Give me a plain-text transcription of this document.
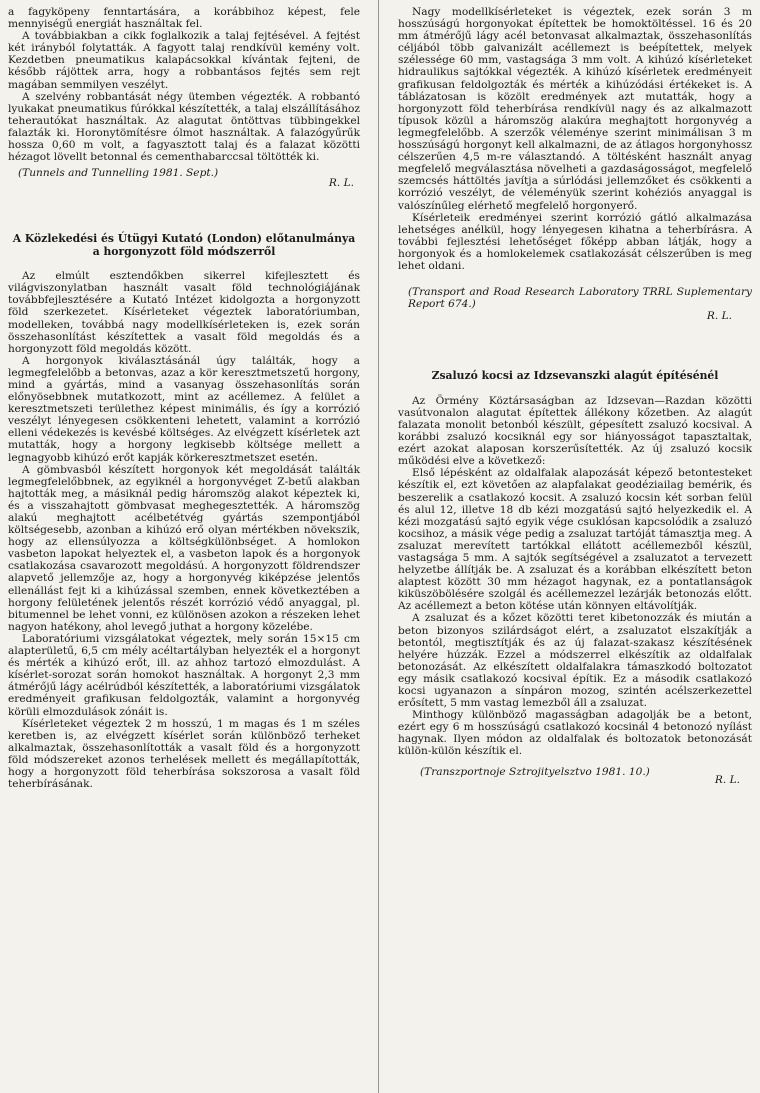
a fagyköpeny fenntartására, a korábbihoz képest, fele mennyiségű energiát használtak fel.

A továbbiakban a cikk foglalkozik a talaj fejtésével. A fejtést két irányból folytatták. A fagyott talaj rendkívül kemény volt. Kezdetben pneumatikus kalapácsokkal kívántak fejteni, de később rájöttek arra, hogy a robbantásos fejtés sem rejt magában semmilyen veszélyt.

A szelvény robbantását négy ütemben végezték. A robbantó lyukakat pneumatikus fúrókkal készítették, a talaj elszállításához teherautókat használtak. Az alagutat öntöttvas tübbingekkel falazták ki. Horonytömítésre ólmot használtak. A falazógyűrűk hossza 0,60 m volt, a fagyasztott talaj és a falazat közötti hézagot lövellt betonnal és cementhabarccsal töltötték ki.

(Tunnels and Tunnelling 1981. Sept.)
R. L.
A Közlekedési és Útügyi Kutató (London) előtanulmánya a horgonyzott föld módszerről

Az elmúlt esztendőkben sikerrel kifejlesztett és világviszonylatban használt vasalt föld technológiájának továbbfejlesztésére a Kutató Intézet kidolgozta a horgonyzott föld szerkezetet. Kísérleteket végeztek laboratóriumban, modelleken, továbbá nagy modellkísérleteken is, ezek során összehasonlítást készítettek a vasalt föld megoldás és a horgonyzott föld megoldás között.

A horgonyok kiválasztásánál úgy találták, hogy a legmegfelelőbb a betonvas, azaz a kör keresztmetszetű horgony, mind a gyártás, mind a vasanyag összehasonlítás során előnyösebbnek mutatkozott, mint az acéllemez. A felület a keresztmetszeti területhez képest minimális, és így a korrózió veszélyt lényegesen csökkenteni lehetett, valamint a korrózió elleni védekezés is kevésbé költséges. Az elvégzett kísérletek azt mutatták, hogy a horgony legkisebb költsége mellett a legnagyobb kihúzó erőt kapják körkeresztmetszet esetén.

A gömbvasból készített horgonyok két megoldását találták legmegfelelőbbnek, az egyiknél a horgonyvéget Z-betű alakban hajtották meg, a másiknál pedig háromszög alakot képeztek ki, és a visszahajtott gömbvasat meghegesztették. A háromszög alakú meghajtott acélbetétvég gyártás szempontjából költségesebb, azonban a kihúzó erő olyan mértékben növekszik, hogy az ellensúlyozza a költségkülönbséget. A homlokon vasbeton lapokat helyeztek el, a vasbeton lapok és a horgonyok csatlakozása csavarozott megoldású. A horgonyzott földrendszer alapvető jellemzője az, hogy a horgonyvég kiképzése jelentős ellenállást fejt ki a kihúzással szemben, ennek következtében a horgony felületének jelentős részét korrózió védő anyaggal, pl. bitumennel be lehet vonni, ez különösen azokon a részeken lehet nagyon hatékony, ahol levegő juthat a horgony közelébe.

Laboratóriumi vizsgálatokat végeztek, mely során 15×15 cm alapterületű, 6,5 cm mély acéltartályban helyezték el a horgonyt és mérték a kihúzó erőt, ill. az ahhoz tartozó elmozdulást. A kísérlet-sorozat során homokot használtak. A horgonyt 2,3 mm átmérőjű lágy acélrúdból készítették, a laboratóriumi vizsgálatok eredményeit grafikusan feldolgozták, valamint a horgonyvég körüli elmozdulások zónáit is.

Kísérleteket végeztek 2 m hosszú, 1 m magas és 1 m széles keretben is, az elvégzett kísérlet során különböző terheket alkalmaztak, összehasonlították a vasalt föld és a horgonyzott föld módszereket azonos terhelések mellett és megállapították, hogy a horgonyzott föld teherbírása sokszorosa a vasalt föld teherbírásának.

Nagy modellkísérleteket is végeztek, ezek során 3 m hosszúságú horgonyokat építettek be homoktöltéssel. 16 és 20 mm átmérőjű lágy acél betonvasat alkalmaztak, összehasonlítás céljából több galvanizált acéllemezt is beépítettek, melyek szélessége 60 mm, vastagsága 3 mm volt. A kihúzó kísérleteket hidraulikus sajtókkal végezték. A kihúzó kísérletek eredményeit grafikusan feldolgozták és mérték a kihúzódási értékeket is. A táblázatosan is közölt eredmények azt mutatták, hogy a horgonyzott föld teherbírása rendkívül nagy és az alkalmazott típusok közül a háromszög alakúra meghajtott horgonyvég a legmegfelelőbb. A szerzők véleménye szerint minimálisan 3 m hosszúságú horgonyt kell alkalmazni, de az átlagos horgonyhossz célszerűen 4,5 m-re választandó. A töltésként használt anyag megfelelő megválasztása növelheti a gazdaságosságot, megfelelő szemcsés háttöltés javítja a súrlódási jellemzőket és csökkenti a korrózió veszélyt, de véleményük szerint kohéziós anyaggal is valószínűleg elérhető megfelelő horgonyerő.

Kísérleteik eredményei szerint korrózió gátló alkalmazása lehetséges anélkül, hogy lényegesen kihatna a teherbírásra. A további fejlesztési lehetőséget főképp abban látják, hogy a horgonyok és a homlokelemek csatlakozását célszerűben is meg lehet oldani.

(Transport and Road Research Laboratory TRRL Suplementary Report 674.)

R. L.
Zsaluzó kocsi az Idzsevanszki alagút építésénél

Az Örmény Köztársaságban az Idzsevan—Razdan közötti vasútvonalon alagutat építettek állékony kőzetben. Az alagút falazata monolit betonból készült, gépesített zsaluzó kocsival. A korábbi zsaluzó kocsiknál egy sor hiányosságot tapasztaltak, ezért azokat alaposan korszerűsítették. Az új zsaluzó kocsik működési elve a következő:

Első lépésként az oldalfalak alapozását képező betontesteket készítik el, ezt követően az alapfalakat geodéziailag bemérik, és beszerelik a csatlakozó kocsit. A zsaluzó kocsin két sorban felül és alul 12, illetve 18 db kézi mozgatású sajtó helyezkedik el. A kézi mozgatású sajtó egyik vége csuklósan kapcsolódik a zsaluzó kocsihoz, a másik vége pedig a zsaluzat tartóját támasztja meg. A zsaluzat merevített tartókkal ellátott acéllemezből készül, vastagsága 5 mm. A sajtók segítségével a zsaluzatot a tervezett helyzetbe állítják be. A zsaluzat és a korábban elkészített beton alaptest között 30 mm hézagot hagynak, ez a pontatlanságok kiküszöbölésére szolgál és acéllemezzel lezárják betonozás előtt. Az acéllemezt a beton kötése után könnyen eltávolítják.

A zsaluzat és a kőzet közötti teret kibetonozzák és miután a beton bizonyos szilárdságot elért, a zsaluzatot elszakítják a betontól, megtisztítják és az új falazat-szakasz készítésének helyére húzzák. Ezzel a módszerrel elkészítik az oldalfalak betonozását. Az elkészített oldalfalakra támaszkodó boltozatot egy másik csatlakozó kocsival építik. Ez a második csatlakozó kocsi ugyanazon a sínpáron mozog, szintén acélszerkezettel erősített, 5 mm vastag lemezből áll a zsaluzat.

Minthogy különböző magasságban adagolják be a betont, ezért egy 6 m hosszúságú csatlakozó kocsinál 4 betonozó nyílást hagynak. Ilyen módon az oldalfalak és boltozatok betonozását külön-külön készítik el.

(Transzportnoje Sztrojityelsztvo 1981. 10.)
R. L.
